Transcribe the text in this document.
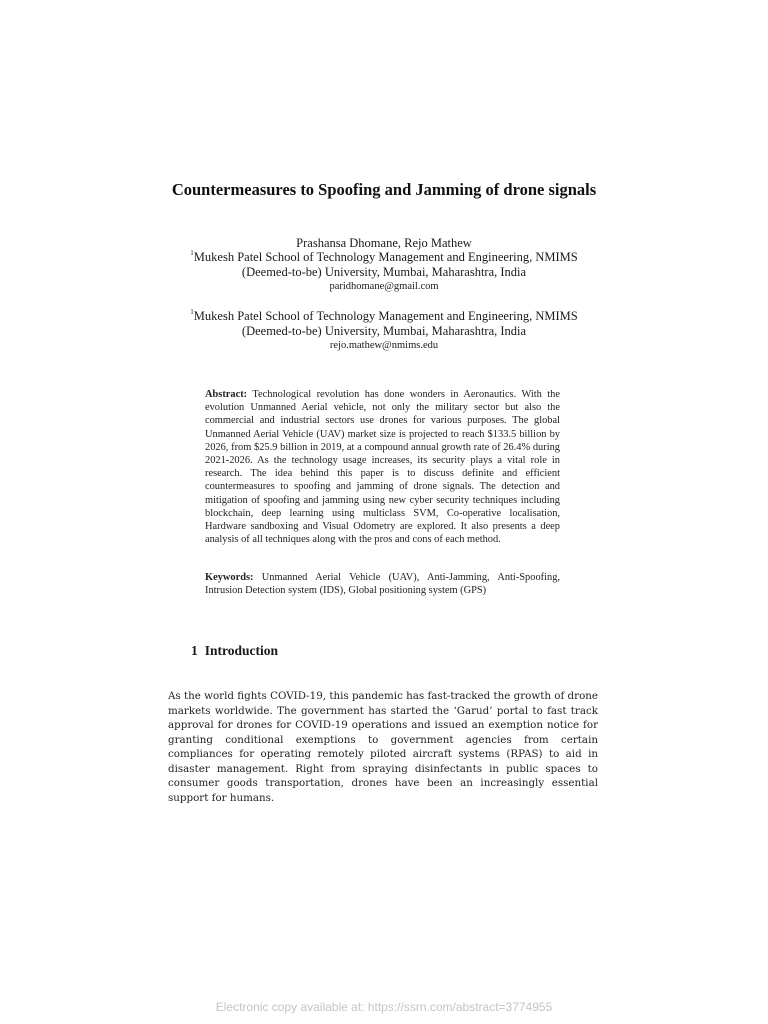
Countermeasures to Spoofing and Jamming of drone signals
Prashansa Dhomane, Rejo Mathew
$^1$Mukesh Patel School of Technology Management and Engineering, NMIMS
(Deemed-to-be) University, Mumbai, Maharashtra, India
paridhomane@gmail.com
$^1$Mukesh Patel School of Technology Management and Engineering, NMIMS
(Deemed-to-be) University, Mumbai, Maharashtra, India
rejo.mathew@nmims.edu
Abstract: Technological revolution has done wonders in Aeronautics. With the evolution Unmanned Aerial vehicle, not only the military sector but also the commercial and industrial sectors use drones for various purposes. The global Unmanned Aerial Vehicle (UAV) market size is projected to reach $133.5 billion by 2026, from $25.9 billion in 2019, at a compound annual growth rate of 26.4% during 2021-2026. As the technology usage increases, its security plays a vital role in research. The idea behind this paper is to discuss definite and efficient countermeasures to spoofing and jamming of drone signals. The detection and mitigation of spoofing and jamming using new cyber security techniques including blockchain, deep learning using multiclass SVM, Co-operative localisation, Hardware sandboxing and Visual Odometry are explored. It also presents a deep analysis of all techniques along with the pros and cons of each method.
Keywords: Unmanned Aerial Vehicle (UAV), Anti-Jamming, Anti-Spoofing, Intrusion Detection system (IDS), Global positioning system (GPS)
1 Introduction
As the world fights COVID-19, this pandemic has fast-tracked the growth of drone markets worldwide. The government has started the ‘Garud’ portal to fast track approval for drones for COVID-19 operations and issued an exemption notice for granting conditional exemptions to government agencies from certain compliances for operating remotely piloted aircraft systems (RPAS) to aid in disaster management. Right from spraying disinfectants in public spaces to consumer goods transportation, drones have been an increasingly essential support for humans.
Electronic copy available at: https://ssrn.com/abstract=3774955
